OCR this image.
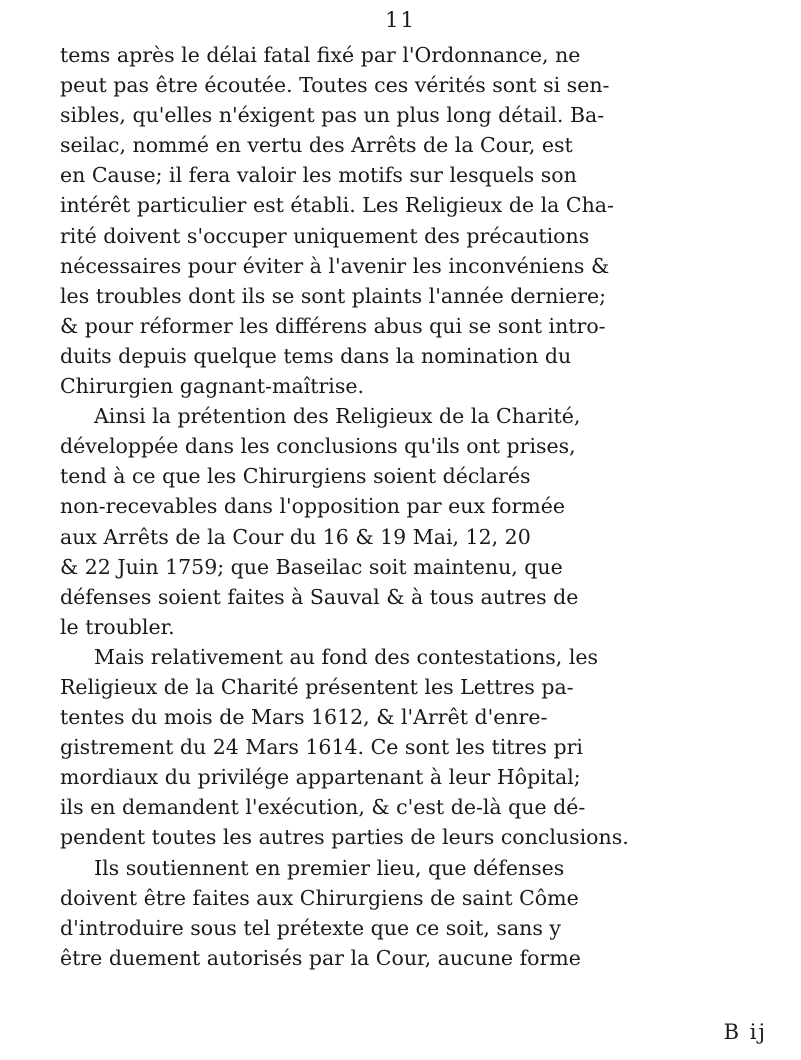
11
tems après le délai fatal fixé par l'Ordonnance, ne
peut pas être écoutée. Toutes ces vérités sont si sen-
sibles, qu'elles n'éxigent pas un plus long détail. Ba-
seilac, nommé en vertu des Arrêts de la Cour, est
en Cause; il fera valoir les motifs sur lesquels son
intérêt particulier est établi. Les Religieux de la Cha-
rité doivent s'occuper uniquement des précautions
nécessaires pour éviter à l'avenir les inconvéniens &
les troubles dont ils se sont plaints l'année derniere;
& pour réformer les différens abus qui se sont intro-
duits depuis quelque tems dans la nomination du
Chirurgien gagnant-maîtrise.
Ainsi la prétention des Religieux de la Charité,
développée dans les conclusions qu'ils ont prises,
tend à ce que les Chirurgiens soient déclarés
non-recevables dans l'opposition par eux formée
aux Arrêts de la Cour du 16 & 19 Mai, 12, 20
& 22 Juin 1759; que Baseilac soit maintenu, que
défenses soient faites à Sauval & à tous autres de
le troubler.
Mais relativement au fond des contestations, les
Religieux de la Charité présentent les Lettres pa-
tentes du mois de Mars 1612, & l'Arrêt d'enre-
gistrement du 24 Mars 1614. Ce sont les titres pri
mordiaux du privilége appartenant à leur Hôpital;
ils en demandent l'exécution, & c'est de-là que dé-
pendent toutes les autres parties de leurs conclusions.
Ils soutiennent en premier lieu, que défenses
doivent être faites aux Chirurgiens de saint Côme
d'introduire sous tel prétexte que ce soit, sans y
être duement autorisés par la Cour, aucune forme
B ij
